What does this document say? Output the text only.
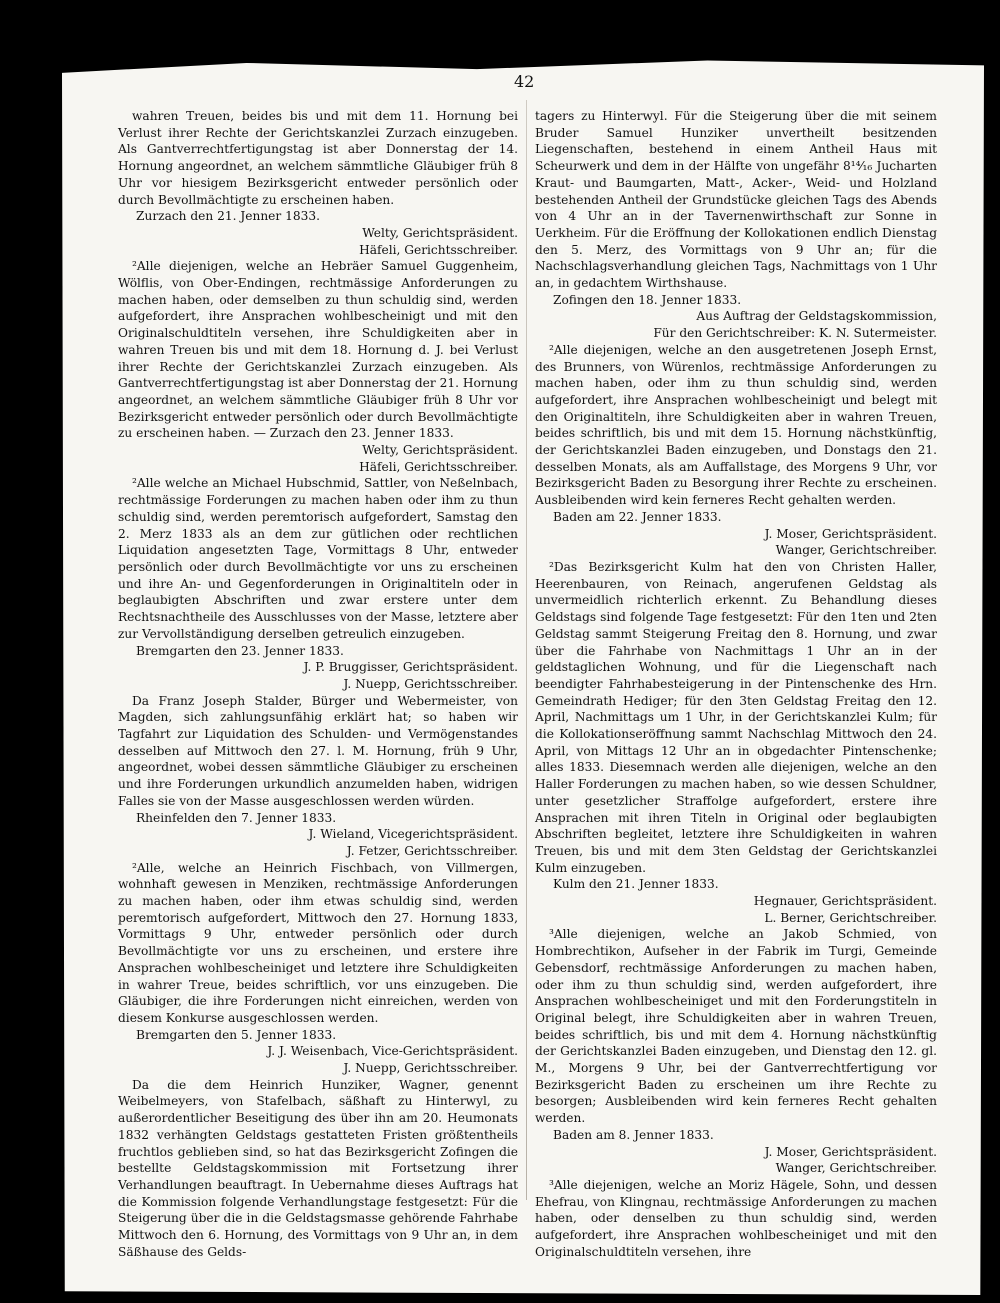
42

wahren Treuen, beides bis und mit dem 11. Hornung bei Verlust ihrer Rechte der Gerichtskanzlei Zurzach einzugeben. Als Gantverrechtfertigungstag ist aber Donnerstag der 14. Hornung angeordnet, an welchem sämmtliche Gläubiger früh 8 Uhr vor hiesigem Bezirksgericht entweder persönlich oder durch Bevollmächtigte zu erscheinen haben.

Zurzach den 21. Jenner 1833.

Welty, Gerichtspräsident.

Häfeli, Gerichtsschreiber.

²Alle diejenigen, welche an Hebräer Samuel Guggenheim, Wölflis, von Ober-Endingen, rechtmässige Anforderungen zu machen haben, oder demselben zu thun schuldig sind, werden aufgefordert, ihre Ansprachen wohlbescheinigt und mit den Originalschuldtiteln versehen, ihre Schuldigkeiten aber in wahren Treuen bis und mit dem 18. Hornung d. J. bei Verlust ihrer Rechte der Gerichtskanzlei Zurzach einzugeben. Als Gantverrechtfertigungstag ist aber Donnerstag der 21. Hornung angeordnet, an welchem sämmtliche Gläubiger früh 8 Uhr vor Bezirksgericht entweder persönlich oder durch Bevollmächtigte zu erscheinen haben. — Zurzach den 23. Jenner 1833.

Welty, Gerichtspräsident.

Häfeli, Gerichtsschreiber.

²Alle welche an Michael Hubschmid, Sattler, von Neßelnbach, rechtmässige Forderungen zu machen haben oder ihm zu thun schuldig sind, werden peremtorisch aufgefordert, Samstag den 2. Merz 1833 als an dem zur gütlichen oder rechtlichen Liquidation angesetzten Tage, Vormittags 8 Uhr, entweder persönlich oder durch Bevollmächtigte vor uns zu erscheinen und ihre An- und Gegenforderungen in Originaltiteln oder in beglaubigten Abschriften und zwar erstere unter dem Rechtsnachtheile des Ausschlusses von der Masse, letztere aber zur Vervollständigung derselben getreulich einzugeben.

Bremgarten den 23. Jenner 1833.

J. P. Bruggisser, Gerichtspräsident.

J. Nuepp, Gerichtsschreiber.

Da Franz Joseph Stalder, Bürger und Webermeister, von Magden, sich zahlungsunfähig erklärt hat; so haben wir Tagfahrt zur Liquidation des Schulden- und Vermögenstandes desselben auf Mittwoch den 27. l. M. Hornung, früh 9 Uhr, angeordnet, wobei dessen sämmtliche Gläubiger zu erscheinen und ihre Forderungen urkundlich anzumelden haben, widrigen Falles sie von der Masse ausgeschlossen werden würden.

Rheinfelden den 7. Jenner 1833.

J. Wieland, Vicegerichtspräsident.

J. Fetzer, Gerichtsschreiber.

²Alle, welche an Heinrich Fischbach, von Villmergen, wohnhaft gewesen in Menziken, rechtmässige Anforderungen zu machen haben, oder ihm etwas schuldig sind, werden peremtorisch aufgefordert, Mittwoch den 27. Hornung 1833, Vormittags 9 Uhr, entweder persönlich oder durch Bevollmächtigte vor uns zu erscheinen, und erstere ihre Ansprachen wohlbescheiniget und letztere ihre Schuldigkeiten in wahrer Treue, beides schriftlich, vor uns einzugeben. Die Gläubiger, die ihre Forderungen nicht einreichen, werden von diesem Konkurse ausgeschlossen werden.

Bremgarten den 5. Jenner 1833.

J. J. Weisenbach, Vice-Gerichtspräsident.

J. Nuepp, Gerichtsschreiber.

Da die dem Heinrich Hunziker, Wagner, genennt Weibelmeyers, von Stafelbach, säßhaft zu Hinterwyl, zu außerordentlicher Beseitigung des über ihn am 20. Heumonats 1832 verhängten Geldstags gestatteten Fristen größtentheils fruchtlos geblieben sind, so hat das Bezirksgericht Zofingen die bestellte Geldstagskommission mit Fortsetzung ihrer Verhandlungen beauftragt. In Uebernahme dieses Auftrags hat die Kommission folgende Verhandlungstage festgesetzt: Für die Steigerung über die in die Geldstagsmasse gehörende Fahrhabe Mittwoch den 6. Hornung, des Vormittags von 9 Uhr an, in dem Säßhause des Gelds-

tagers zu Hinterwyl. Für die Steigerung über die mit seinem Bruder Samuel Hunziker unvertheilt besitzenden Liegenschaften, bestehend in einem Antheil Haus mit Scheurwerk und dem in der Hälfte von ungefähr 8¹⁴⁄₁₆ Jucharten Kraut- und Baumgarten, Matt-, Acker-, Weid- und Holzland bestehenden Antheil der Grundstücke gleichen Tags des Abends von 4 Uhr an in der Tavernenwirthschaft zur Sonne in Uerkheim. Für die Eröffnung der Kollokationen endlich Dienstag den 5. Merz, des Vormittags von 9 Uhr an; für die Nachschlagsverhandlung gleichen Tags, Nachmittags von 1 Uhr an, in gedachtem Wirthshause.

Zofingen den 18. Jenner 1833.

Aus Auftrag der Geldstagskommission,

Für den Gerichtschreiber: K. N. Sutermeister.

²Alle diejenigen, welche an den ausgetretenen Joseph Ernst, des Brunners, von Würenlos, rechtmässige Anforderungen zu machen haben, oder ihm zu thun schuldig sind, werden aufgefordert, ihre Ansprachen wohlbescheinigt und belegt mit den Originaltiteln, ihre Schuldigkeiten aber in wahren Treuen, beides schriftlich, bis und mit dem 15. Hornung nächstkünftig, der Gerichtskanzlei Baden einzugeben, und Donstags den 21. desselben Monats, als am Auffallstage, des Morgens 9 Uhr, vor Bezirksgericht Baden zu Besorgung ihrer Rechte zu erscheinen. Ausbleibenden wird kein ferneres Recht gehalten werden.

Baden am 22. Jenner 1833.

J. Moser, Gerichtspräsident.

Wanger, Gerichtschreiber.

²Das Bezirksgericht Kulm hat den von Christen Haller, Heerenbauren, von Reinach, angerufenen Geldstag als unvermeidlich richterlich erkennt. Zu Behandlung dieses Geldstags sind folgende Tage festgesetzt: Für den 1ten und 2ten Geldstag sammt Steigerung Freitag den 8. Hornung, und zwar über die Fahrhabe von Nachmittags 1 Uhr an in der geldstaglichen Wohnung, und für die Liegenschaft nach beendigter Fahrhabesteigerung in der Pintenschenke des Hrn. Gemeindrath Hediger; für den 3ten Geldstag Freitag den 12. April, Nachmittags um 1 Uhr, in der Gerichtskanzlei Kulm; für die Kollokationseröffnung sammt Nachschlag Mittwoch den 24. April, von Mittags 12 Uhr an in obgedachter Pintenschenke; alles 1833. Diesemnach werden alle diejenigen, welche an den Haller Forderungen zu machen haben, so wie dessen Schuldner, unter gesetzlicher Straffolge aufgefordert, erstere ihre Ansprachen mit ihren Titeln in Original oder beglaubigten Abschriften begleitet, letztere ihre Schuldigkeiten in wahren Treuen, bis und mit dem 3ten Geldstag der Gerichtskanzlei Kulm einzugeben.

Kulm den 21. Jenner 1833.

Hegnauer, Gerichtspräsident.

L. Berner, Gerichtschreiber.

³Alle diejenigen, welche an Jakob Schmied, von Hombrechtikon, Aufseher in der Fabrik im Turgi, Gemeinde Gebensdorf, rechtmässige Anforderungen zu machen haben, oder ihm zu thun schuldig sind, werden aufgefordert, ihre Ansprachen wohlbescheiniget und mit den Forderungstiteln in Original belegt, ihre Schuldigkeiten aber in wahren Treuen, beides schriftlich, bis und mit dem 4. Hornung nächstkünftig der Gerichtskanzlei Baden einzugeben, und Dienstag den 12. gl. M., Morgens 9 Uhr, bei der Gantverrechtfertigung vor Bezirksgericht Baden zu erscheinen um ihre Rechte zu besorgen; Ausbleibenden wird kein ferneres Recht gehalten werden.

Baden am 8. Jenner 1833.

J. Moser, Gerichtspräsident.

Wanger, Gerichtschreiber.

³Alle diejenigen, welche an Moriz Hägele, Sohn, und dessen Ehefrau, von Klingnau, rechtmässige Anforderungen zu machen haben, oder denselben zu thun schuldig sind, werden aufgefordert, ihre Ansprachen wohlbescheiniget und mit den Originalschuldtiteln versehen, ihre
